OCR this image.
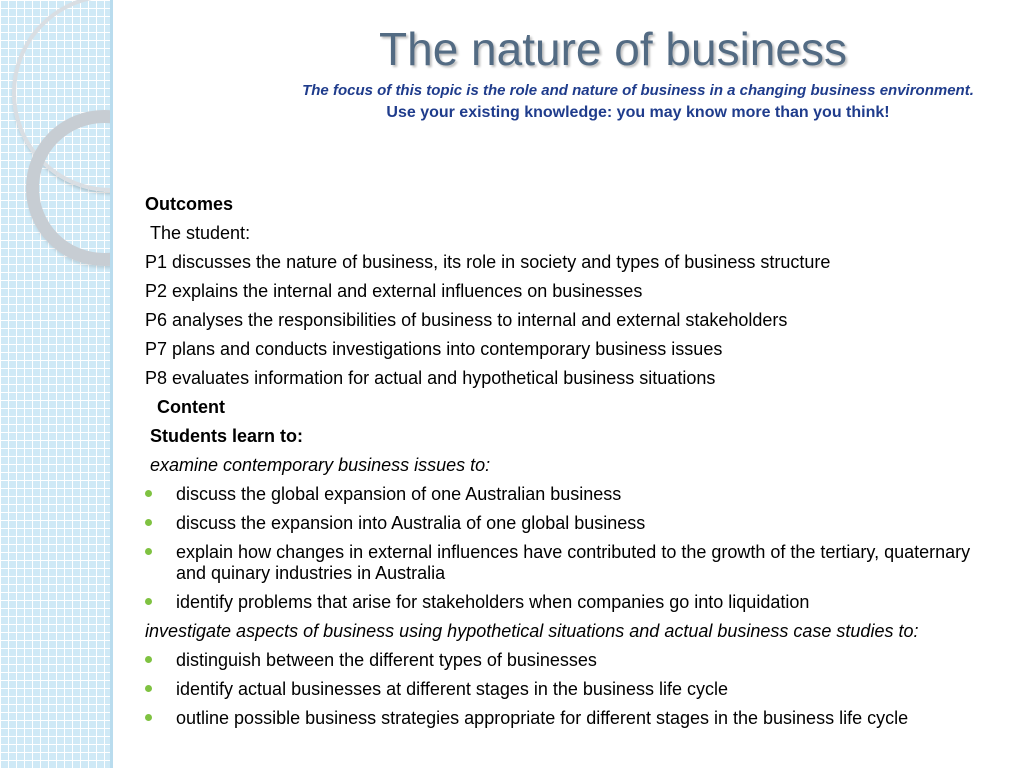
The nature of business
The focus of this topic is the role and nature of business in a changing business environment.
Use your existing knowledge: you may know more than you think!

Outcomes

The student:

P1 discusses the nature of business, its role in society and types of business structure

P2 explains the internal and external influences on businesses

P6 analyses the responsibilities of business to internal and external stakeholders

P7 plans and conducts investigations into contemporary business issues

P8 evaluates information for actual and hypothetical business situations

Content

Students learn to:

examine contemporary business issues to:

discuss the global expansion of one Australian business
discuss the expansion into Australia of one global business
explain how changes in external influences have contributed to the growth of the tertiary, quaternary and quinary industries in Australia
identify problems that arise for stakeholders when companies go into liquidation

investigate aspects of business using hypothetical situations and actual business case studies to:

distinguish between the different types of businesses
identify actual businesses at different stages in the business life cycle
outline possible business strategies appropriate for different stages in the business life cycle
